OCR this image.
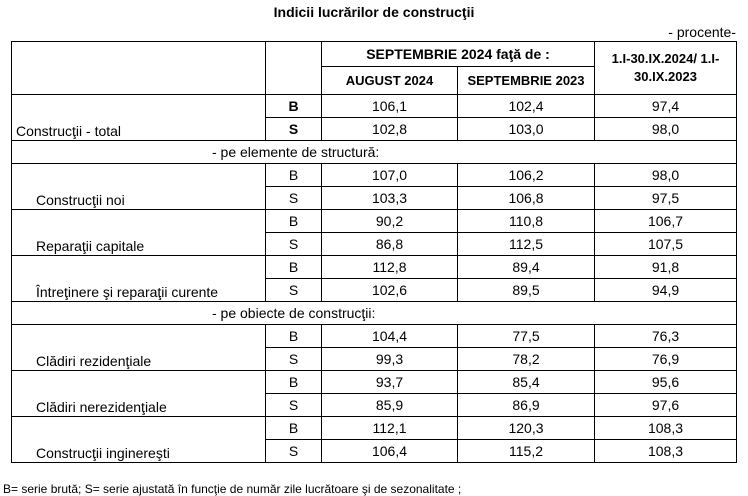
Indicii lucrărilor de construcţii
- procente-
		SEPTEMBRIE 2024 faţă de :		1.I-30.IX.2024/ 1.I-30.IX.2023
		AUGUST 2024	SEPTEMBRIE 2023	
Construcţii - total	B	106,1	102,4	97,4
	S	102,8	103,0	98,0
- pe elemente de structură:				
Construcţii noi	B	107,0	106,2	98,0
	S	103,3	106,8	97,5
Reparaţii capitale	B	90,2	110,8	106,7
	S	86,8	112,5	107,5
Întreţinere şi reparaţii curente	B	112,8	89,4	91,8
	S	102,6	89,5	94,9
- pe obiecte de construcţii:				
Clădiri rezidenţiale	B	104,4	77,5	76,3
	S	99,3	78,2	76,9
Clădiri nerezidenţiale	B	93,7	85,4	95,6
	S	85,9	86,9	97,6
Construcţii inginereşti	B	112,1	120,3	108,3
	S	106,4	115,2	108,3
B= serie brută; S= serie ajustată în funcţie de număr zile lucrătoare şi de sezonalitate ;
